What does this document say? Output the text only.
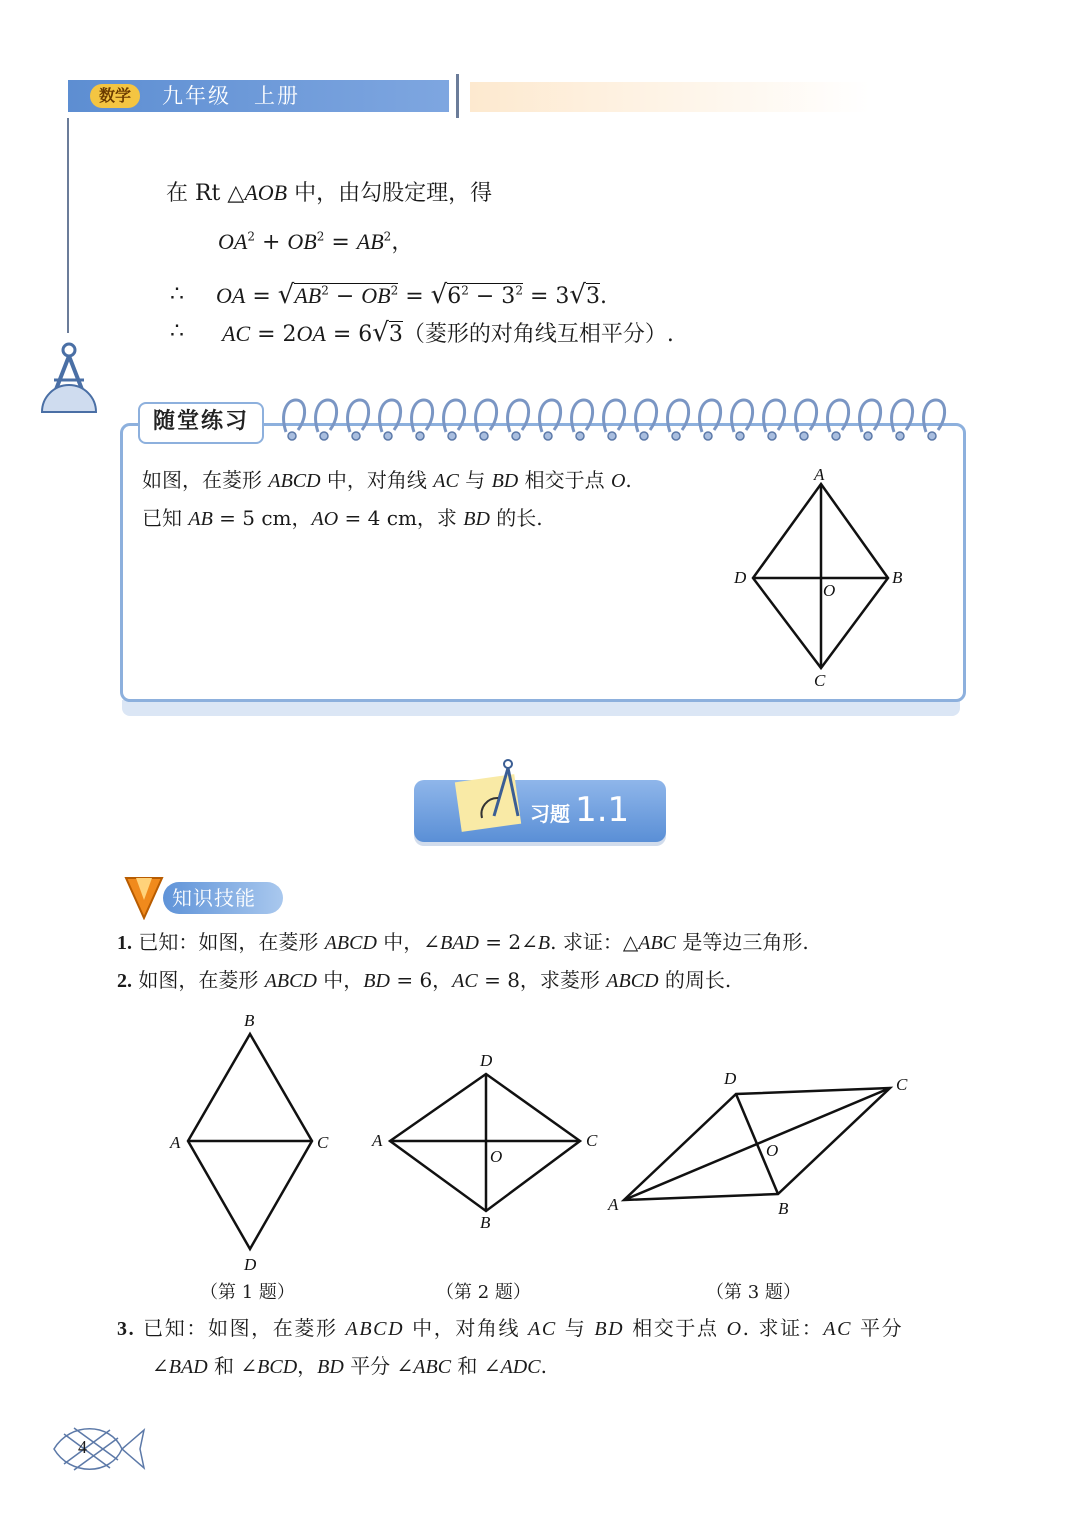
数学	九年级　上册
在 Rt △AOB 中，由勾股定理，得
$OA^2 + OB^2 = AB^2$，
∴ OA = $√AB^2 - OB^2 = √6^2 - 3^2 = 3√3$.
∴ AC = 2OA = 6√3（菱形的对角线互相平分）.
随堂练习
如图，在菱形 ABCD 中，对角线 AC 与 BD 相交于点 O.
已知 AB = 5 cm，AO = 4 cm，求 BD 的长.
A
B
C
D
O
习题 1.1
知识技能
1. 已知：如图，在菱形 ABCD 中，∠BAD = 2∠B. 求证：△ABC 是等边三角形.
2. 如图，在菱形 ABCD 中，BD = 6，AC = 8，求菱形 ABCD 的周长.
B
A	C
D
（第 1 题）
D
A	C
B
O
（第 2 题）
D	C
A	B
O
（第 3 题）
3. 已知：如图，在菱形 ABCD 中，对角线 AC 与 BD 相交于点 O. 求证：AC 平分
∠BAD 和 ∠BCD，BD 平分 ∠ABC 和 ∠ADC.
4
